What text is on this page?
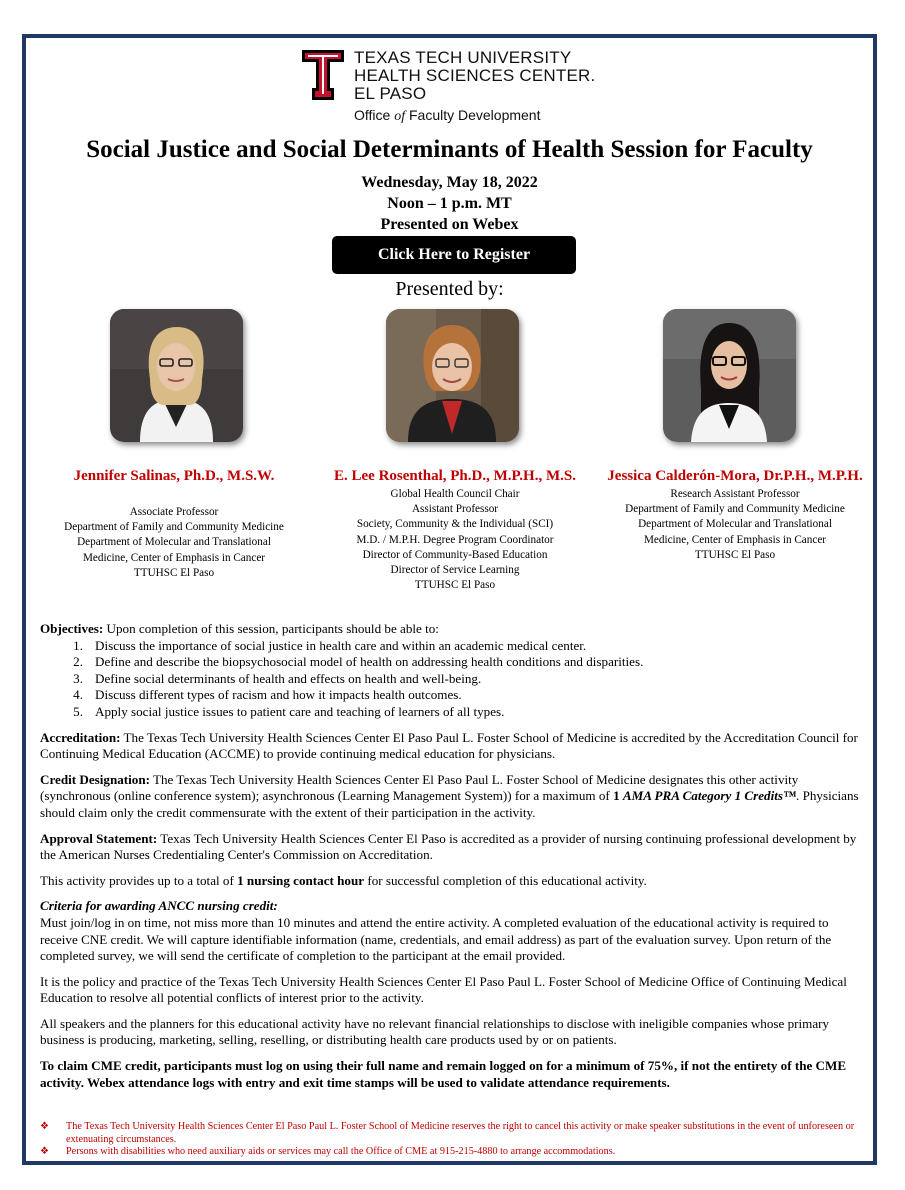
TEXAS TECH UNIVERSITY
HEALTH SCIENCES CENTER.
EL PASO
Office of Faculty Development
Social Justice and Social Determinants of Health Session for Faculty
Wednesday, May 18, 2022
Noon – 1 p.m. MT
Presented on Webex
Click Here to Register
Presented by:
Jennifer Salinas, Ph.D., M.S.W.
Associate Professor
Department of Family and Community Medicine
Department of Molecular and Translational
Medicine, Center of Emphasis in Cancer
TTUHSC El Paso
E. Lee Rosenthal, Ph.D., M.P.H., M.S.
Global Health Council Chair
Assistant Professor
Society, Community & the Individual (SCI)
M.D. / M.P.H. Degree Program Coordinator
Director of Community-Based Education
Director of Service Learning
TTUHSC El Paso
Jessica Calderón-Mora, Dr.P.H., M.P.H.
Research Assistant Professor
Department of Family and Community Medicine
Department of Molecular and Translational
Medicine, Center of Emphasis in Cancer
TTUHSC El Paso
Objectives: Upon completion of this session, participants should be able to:
1. Discuss the importance of social justice in health care and within an academic medical center.
2. Define and describe the biopsychosocial model of health on addressing health conditions and disparities.
3. Define social determinants of health and effects on health and well-being.
4. Discuss different types of racism and how it impacts health outcomes.
5. Apply social justice issues to patient care and teaching of learners of all types.

Accreditation: The Texas Tech University Health Sciences Center El Paso Paul L. Foster School of Medicine is accredited by the Accreditation Council for Continuing Medical Education (ACCME) to provide continuing medical education for physicians.

Credit Designation: The Texas Tech University Health Sciences Center El Paso Paul L. Foster School of Medicine designates this other activity (synchronous (online conference system); asynchronous (Learning Management System)) for a maximum of 1 AMA PRA Category 1 Credits™. Physicians should claim only the credit commensurate with the extent of their participation in the activity.

Approval Statement: Texas Tech University Health Sciences Center El Paso is accredited as a provider of nursing continuing professional development by the American Nurses Credentialing Center's Commission on Accreditation.

This activity provides up to a total of 1 nursing contact hour for successful completion of this educational activity.

Criteria for awarding ANCC nursing credit:

Must join/log in on time, not miss more than 10 minutes and attend the entire activity. A completed evaluation of the educational activity is required to receive CNE credit. We will capture identifiable information (name, credentials, and email address) as part of the evaluation survey. Upon return of the completed survey, we will send the certificate of completion to the participant at the email provided.

It is the policy and practice of the Texas Tech University Health Sciences Center El Paso Paul L. Foster School of Medicine Office of Continuing Medical Education to resolve all potential conflicts of interest prior to the activity.

All speakers and the planners for this educational activity have no relevant financial relationships to disclose with ineligible companies whose primary business is producing, marketing, selling, reselling, or distributing health care products used by or on patients.

To claim CME credit, participants must log on using their full name and remain logged on for a minimum of 75%, if not the entirety of the CME activity. Webex attendance logs with entry and exit time stamps will be used to validate attendance requirements.

❖	The Texas Tech University Health Sciences Center El Paso Paul L. Foster School of Medicine reserves the right to cancel this activity or make speaker substitutions in the event of unforeseen or extenuating circumstances.
❖	Persons with disabilities who need auxiliary aids or services may call the Office of CME at 915-215-4880 to arrange accommodations.
